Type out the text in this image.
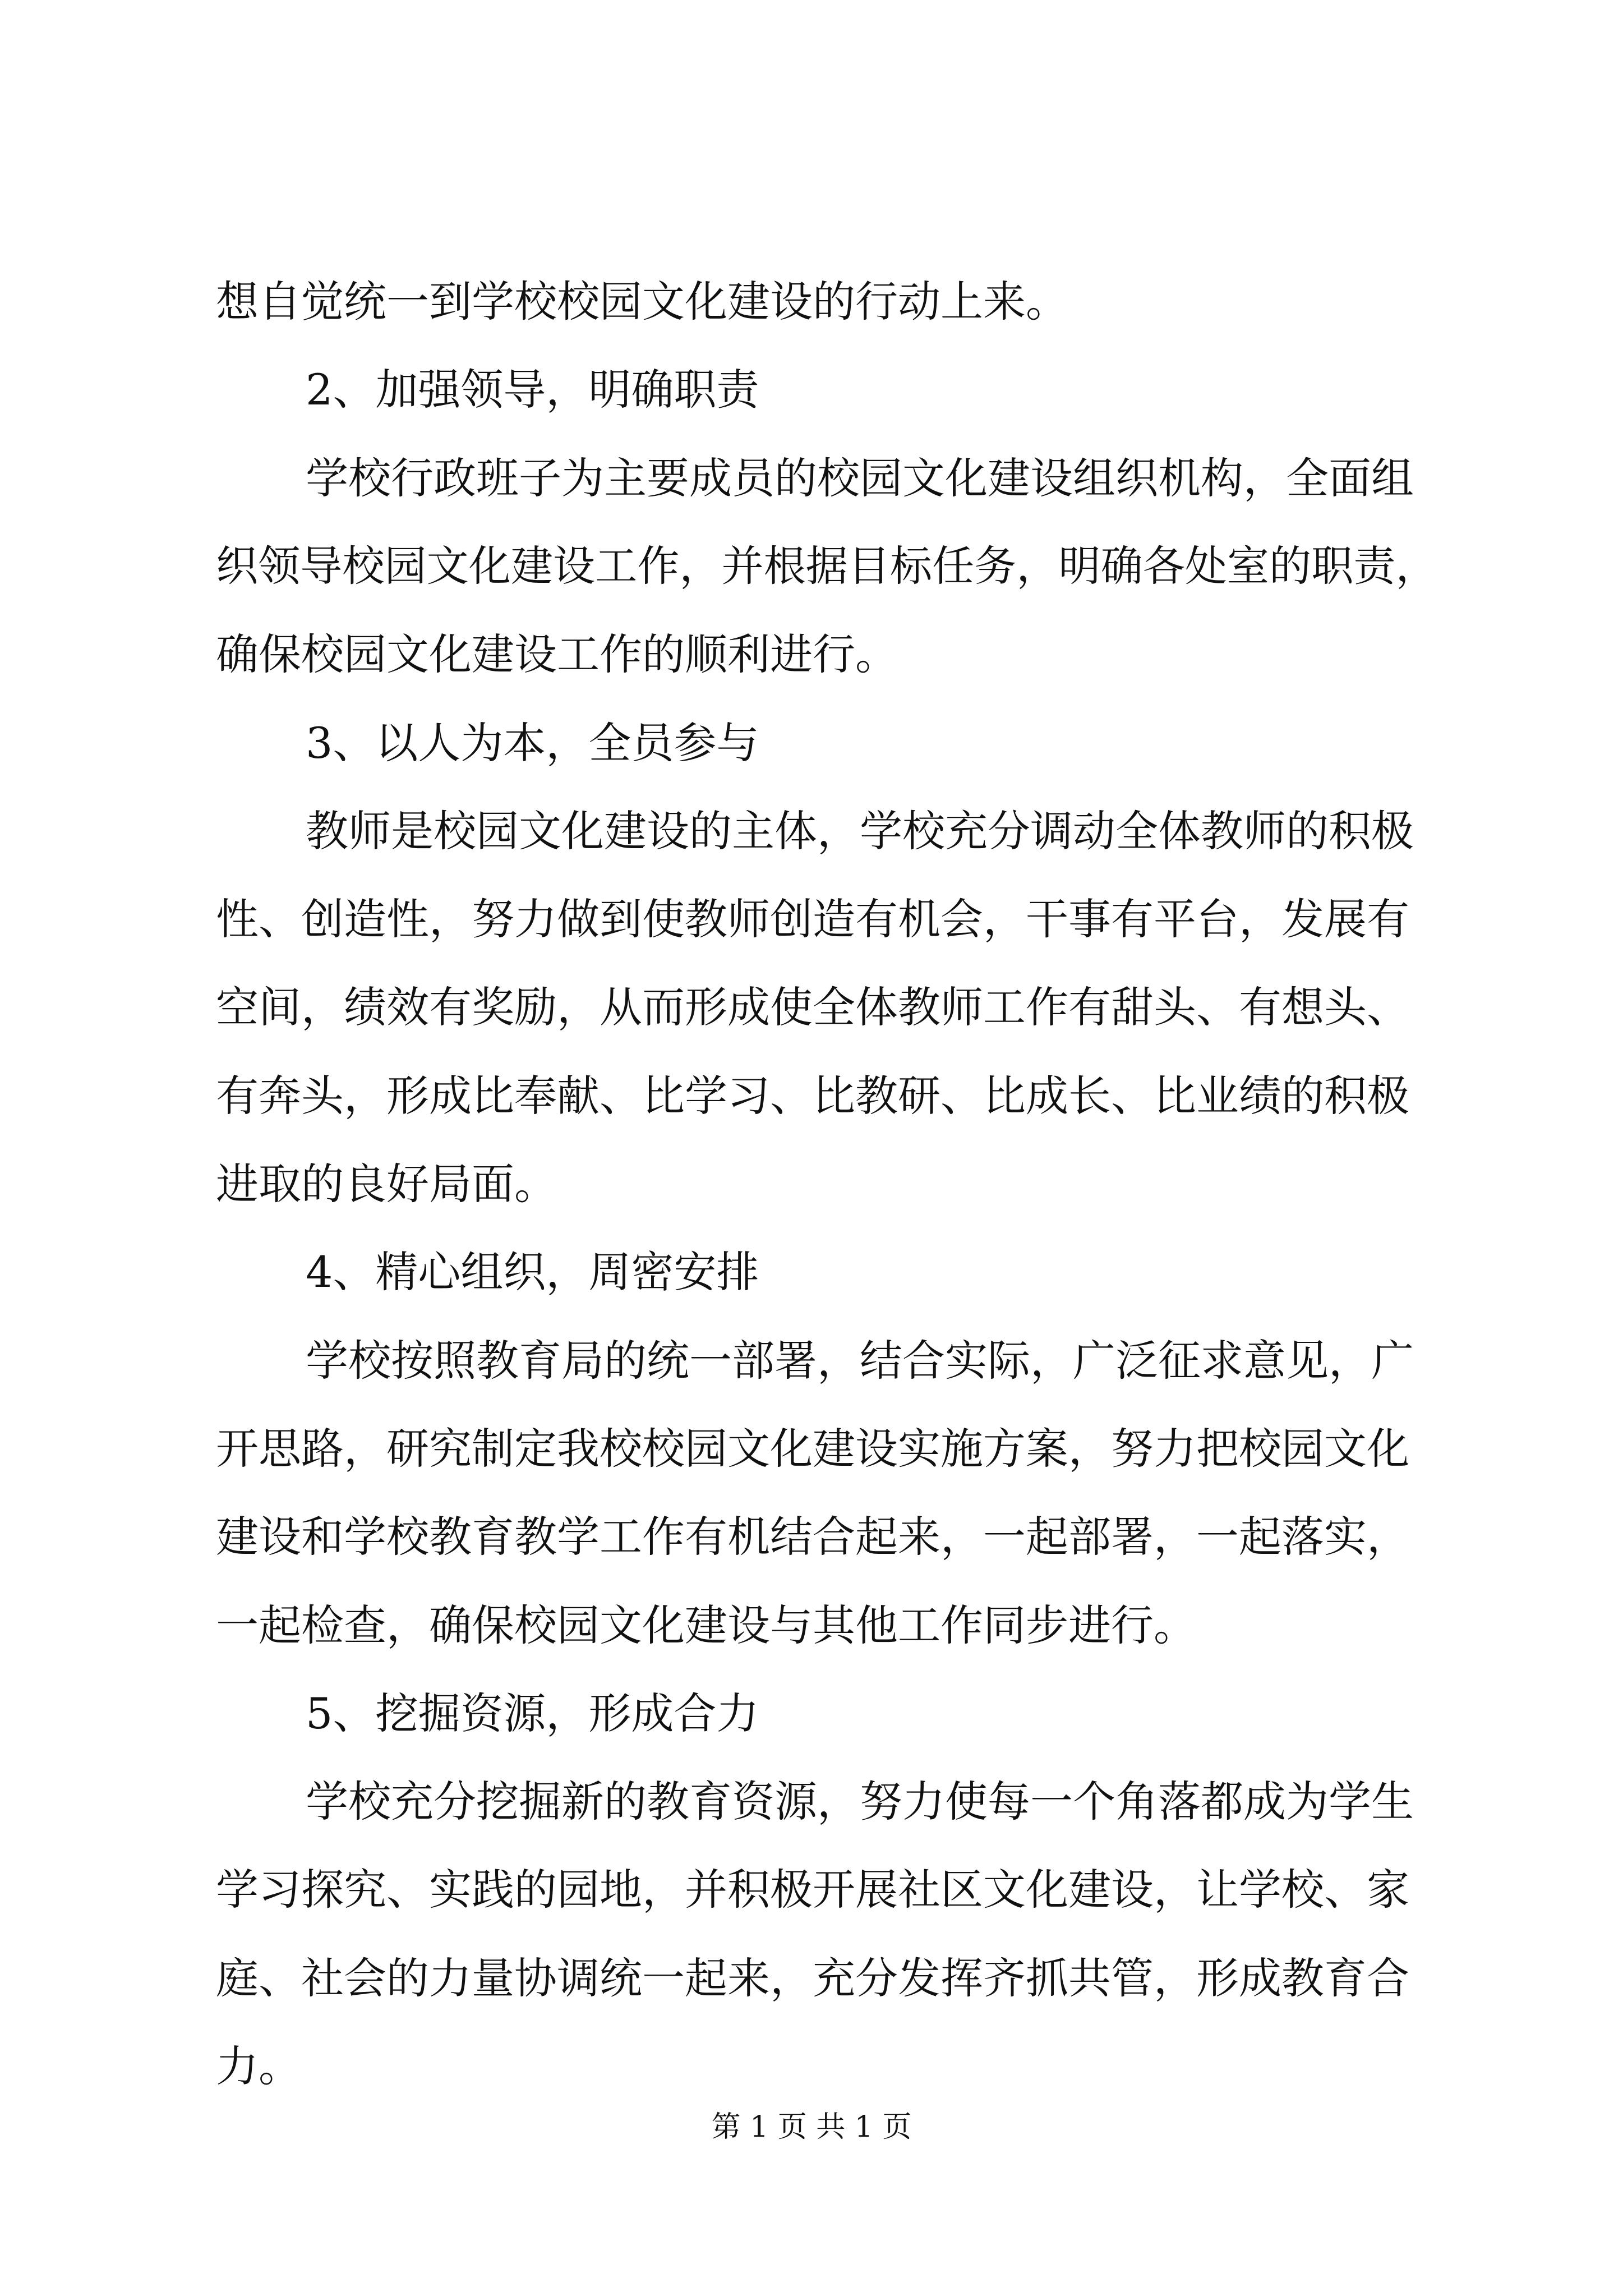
想自觉统一到学校校园文化建设的行动上来。
2、加强领导，明确职责
学校行政班子为主要成员的校园文化建设组织机构，全面组
织领导校园文化建设工作，并根据目标任务，明确各处室的职责，
确保校园文化建设工作的顺利进行。
3、以人为本，全员参与
教师是校园文化建设的主体，学校充分调动全体教师的积极
性、创造性，努力做到使教师创造有机会，干事有平台，发展有
空间，绩效有奖励，从而形成使全体教师工作有甜头、有想头、
有奔头，形成比奉献、比学习、比教研、比成长、比业绩的积极
进取的良好局面。
4、精心组织，周密安排
学校按照教育局的统一部署，结合实际，广泛征求意见，广
开思路，研究制定我校校园文化建设实施方案，努力把校园文化
建设和学校教育教学工作有机结合起来，一起部署，一起落实，
一起检查，确保校园文化建设与其他工作同步进行。
5、挖掘资源，形成合力
学校充分挖掘新的教育资源，努力使每一个角落都成为学生
学习探究、实践的园地，并积极开展社区文化建设，让学校、家
庭、社会的力量协调统一起来，充分发挥齐抓共管，形成教育合
力。
第 1 页 共 1 页
